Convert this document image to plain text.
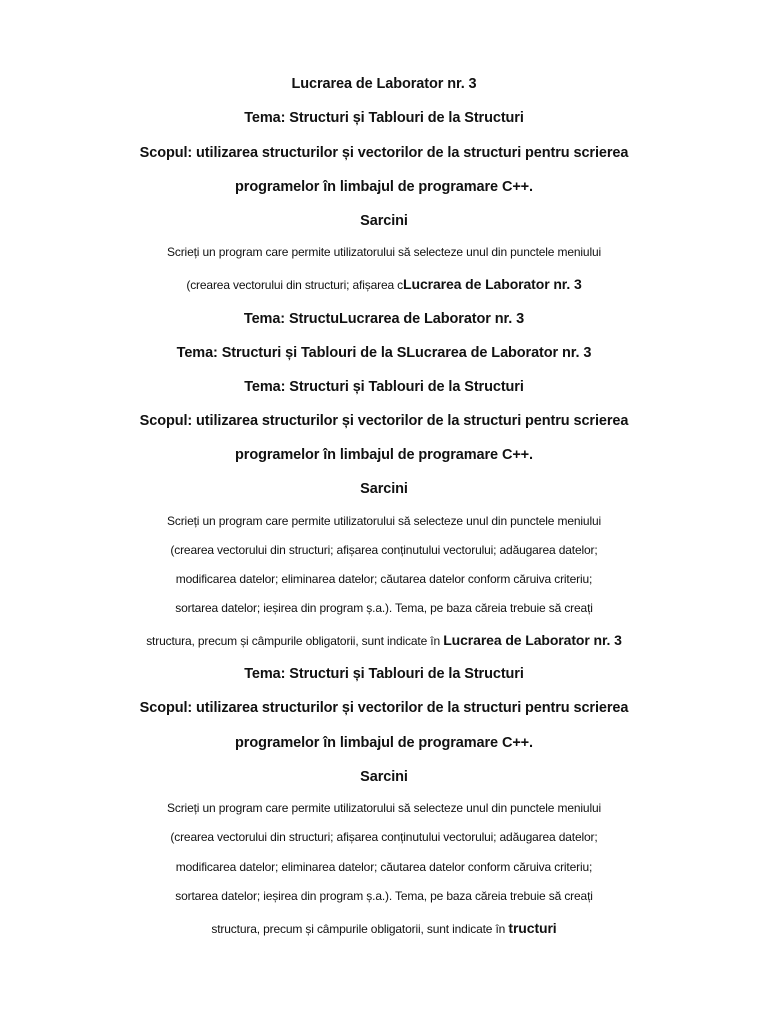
Lucrarea de Laborator nr. 3
Tema: Structuri și Tablouri de la Structuri
Scopul: utilizarea structurilor și vectorilor de la structuri pentru scrierea
programelor în limbajul de programare C++.
Sarcini
Scrieți un program care permite utilizatorului să selecteze unul din punctele meniului
(crearea vectorului din structuri; afișarea cLucrarea de Laborator nr. 3
Tema: StructuLucrarea de Laborator nr. 3
Tema: Structuri și Tablouri de la SLucrarea de Laborator nr. 3
Tema: Structuri și Tablouri de la Structuri
Scopul: utilizarea structurilor și vectorilor de la structuri pentru scrierea
programelor în limbajul de programare C++.
Sarcini
Scrieți un program care permite utilizatorului să selecteze unul din punctele meniului
(crearea vectorului din structuri; afișarea conținutului vectorului; adăugarea datelor;
modificarea datelor; eliminarea datelor; căutarea datelor conform căruiva criteriu;
sortarea datelor; ieșirea din program ș.a.). Tema, pe baza căreia trebuie să creați
structura, precum și câmpurile obligatorii, sunt indicate în Lucrarea de Laborator nr. 3
Tema: Structuri și Tablouri de la Structuri
Scopul: utilizarea structurilor și vectorilor de la structuri pentru scrierea
programelor în limbajul de programare C++.
Sarcini
Scrieți un program care permite utilizatorului să selecteze unul din punctele meniului
(crearea vectorului din structuri; afișarea conținutului vectorului; adăugarea datelor;
modificarea datelor; eliminarea datelor; căutarea datelor conform căruiva criteriu;
sortarea datelor; ieșirea din program ș.a.). Tema, pe baza căreia trebuie să creați
structura, precum și câmpurile obligatorii, sunt indicate în tructuri
